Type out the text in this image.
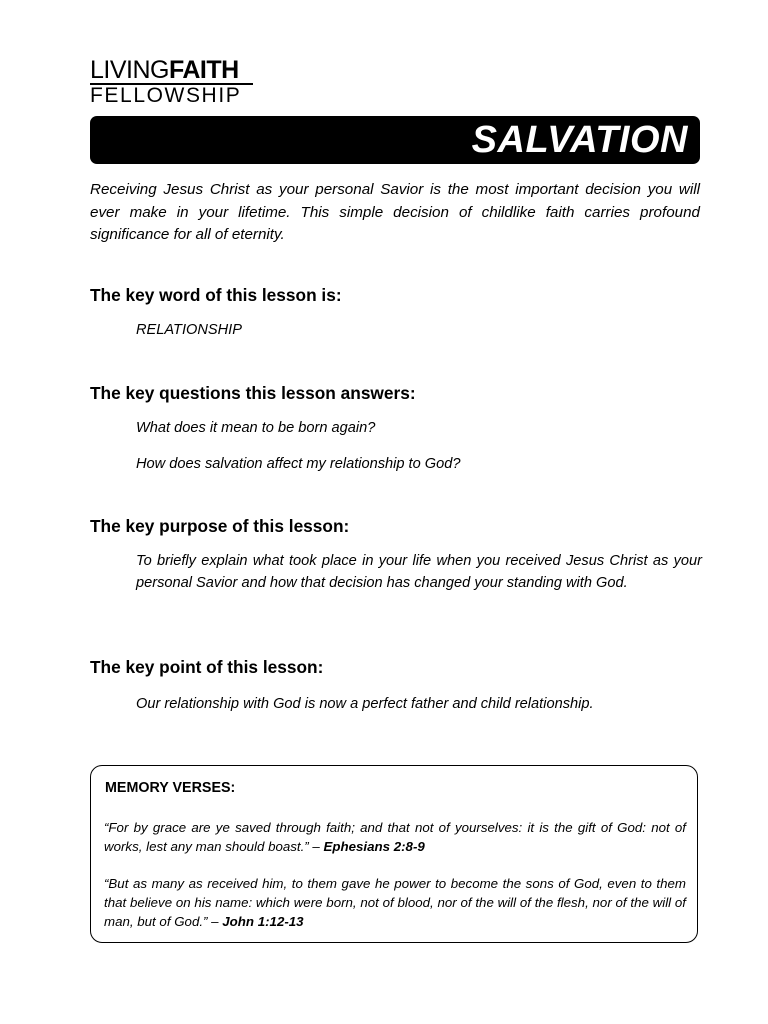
LIVINGFAITH
FELLOWSHIP
SALVATION
Receiving Jesus Christ as your personal Savior is the most important decision you will ever make in your lifetime. This simple decision of childlike faith carries profound significance for all of eternity.

The key word of this lesson is:

RELATIONSHIP

The key questions this lesson answers:

What does it mean to be born again?
How does salvation affect my relationship to God?

The key purpose of this lesson:

To briefly explain what took place in your life when you received Jesus Christ as your personal Savior and how that decision has changed your standing with God.

The key point of this lesson:

Our relationship with God is now a perfect father and child relationship.
MEMORY VERSES:
“For by grace are ye saved through faith; and that not of yourselves: it is the gift of God: not of works, lest any man should boast.” – Ephesians 2:8-9
“But as many as received him, to them gave he power to become the sons of God, even to them that believe on his name: which were born, not of blood, nor of the will of the flesh, nor of the will of man, but of God.” – John 1:12-13
